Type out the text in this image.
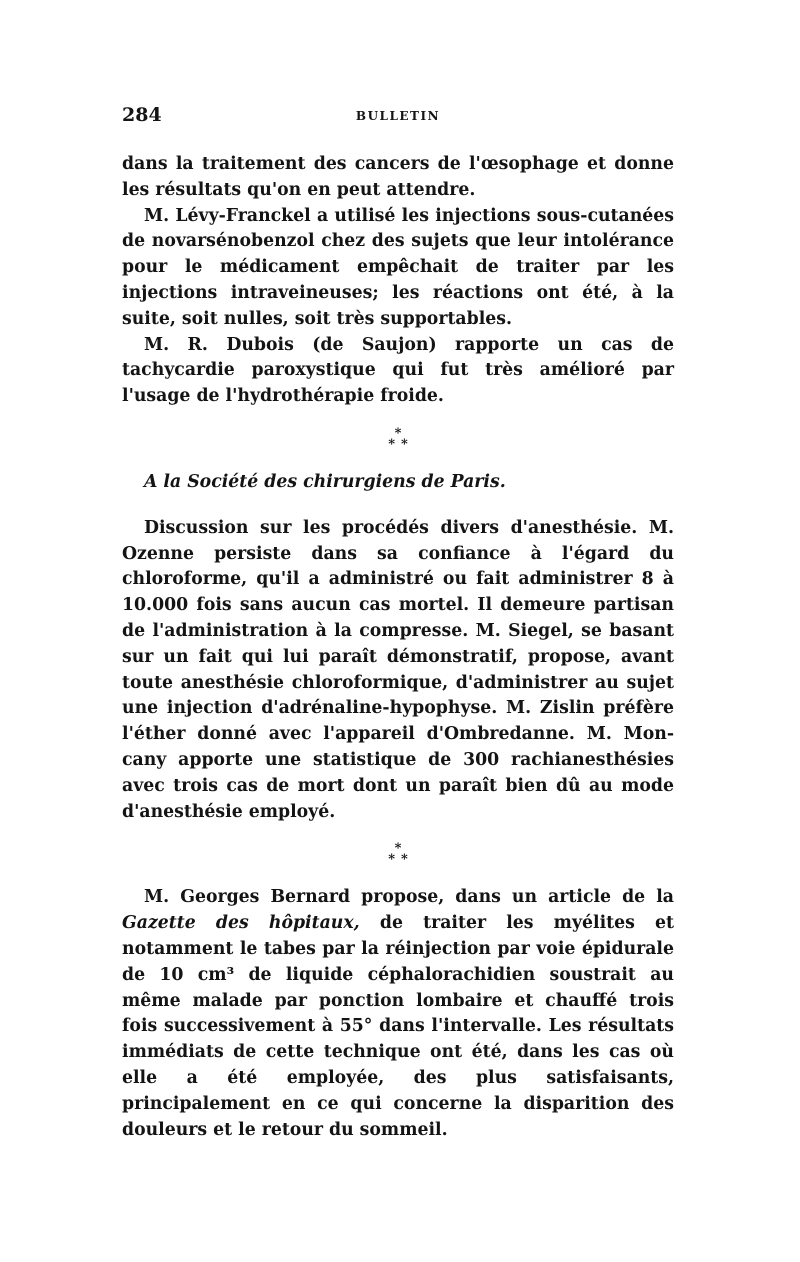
284	BULLETIN

dans la traitement des cancers de l'œsophage et donne les résultats qu'on en peut attendre.

M. Lévy-Franckel a utilisé les injections sous-cutanées de novarsénobenzol chez des sujets que leur intolérance pour le médicament empêchait de traiter par les injections intraveineuses; les réactions ont été, à la suite, soit nulles, soit très supportables.

M. R. Dubois (de Saujon) rapporte un cas de tachycardie paroxystique qui fut très amélioré par l'usage de l'hydrothérapie froide.

*
**

A la Société des chirurgiens de Paris.

Discussion sur les procédés divers d'anesthésie. M. Ozenne persiste dans sa confiance à l'égard du chloroforme, qu'il a administré ou fait administrer 8 à 10.000 fois sans aucun cas mortel. Il demeure partisan de l'administration à la compresse. M. Siegel, se basant sur un fait qui lui paraît démonstratif, propose, avant toute anesthésie chloroformique, d'administrer au sujet une injection d'adrénaline-hypophyse. M. Zislin préfère l'éther donné avec l'appareil d'Ombredanne. M. Moncany apporte une statistique de 300 rachianesthésies avec trois cas de mort dont un paraît bien dû au mode d'anesthésie employé.

*
**

M. Georges Bernard propose, dans un article de la Gazette des hôpitaux, de traiter les myélites et notamment le tabes par la réinjection par voie épidurale de 10 cm³ de liquide céphalorachidien soustrait au même malade par ponction lombaire et chauffé trois fois successivement à 55° dans l'intervalle. Les résultats immédiats de cette technique ont été, dans les cas où elle a été employée, des plus satisfaisants, principalement en ce qui concerne la disparition des douleurs et le retour du sommeil.
